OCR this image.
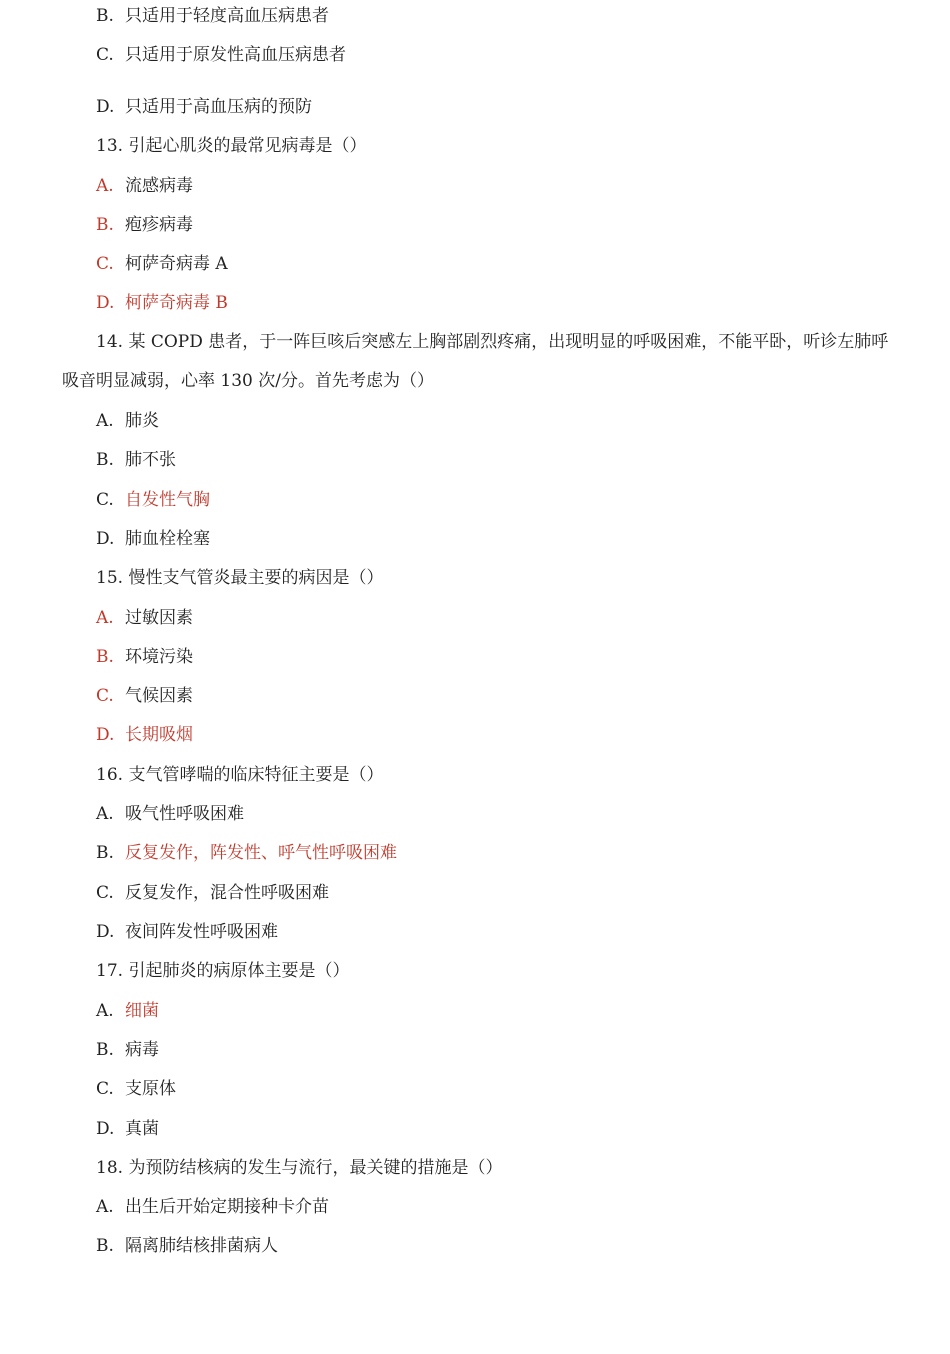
B. 只适用于轻度高血压病患者
C. 只适用于原发性高血压病患者
D. 只适用于高血压病的预防
13. 引起心肌炎的最常见病毒是（）
A. 流感病毒
B. 疱疹病毒
C. 柯萨奇病毒 A
D. 柯萨奇病毒 B
14. 某 COPD 患者，于一阵巨咳后突感左上胸部剧烈疼痛，出现明显的呼吸困难，不能平卧，听诊左肺呼吸音明显减弱，心率 130 次/分。首先考虑为（）
A. 肺炎
B. 肺不张
C. 自发性气胸
D. 肺血栓栓塞
15. 慢性支气管炎最主要的病因是（）
A. 过敏因素
B. 环境污染
C. 气候因素
D. 长期吸烟
16. 支气管哮喘的临床特征主要是（）
A. 吸气性呼吸困难
B. 反复发作，阵发性、呼气性呼吸困难
C. 反复发作，混合性呼吸困难
D. 夜间阵发性呼吸困难
17. 引起肺炎的病原体主要是（）
A. 细菌
B. 病毒
C. 支原体
D. 真菌
18. 为预防结核病的发生与流行，最关键的措施是（）
A. 出生后开始定期接种卡介苗
B. 隔离肺结核排菌病人
